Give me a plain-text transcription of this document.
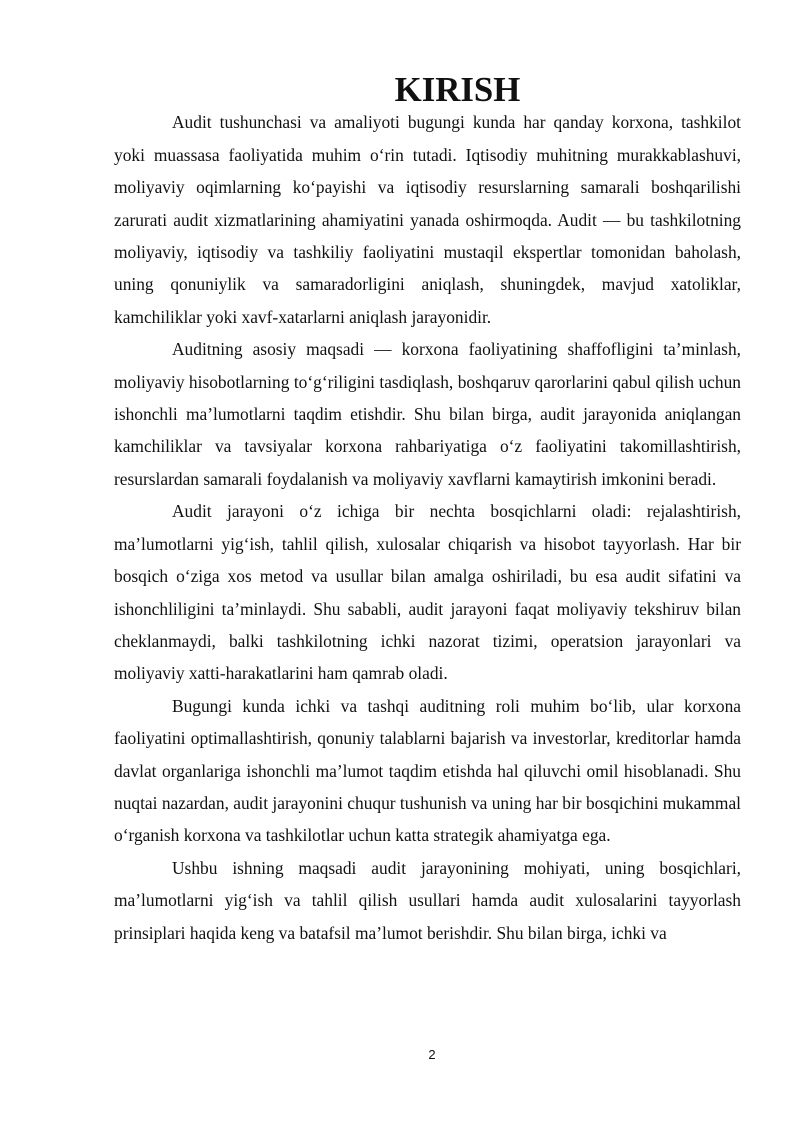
KIRISH

Audit tushunchasi va amaliyoti bugungi kunda har qanday korxona, tashkilot yoki muassasa faoliyatida muhim o‘rin tutadi. Iqtisodiy muhitning murakkablashuvi, moliyaviy oqimlarning ko‘payishi va iqtisodiy resurslarning samarali boshqarilishi zarurati audit xizmatlarining ahamiyatini yanada oshirmoqda. Audit — bu tashkilotning moliyaviy, iqtisodiy va tashkiliy faoliyatini mustaqil ekspertlar tomonidan baholash, uning qonuniylik va samaradorligini aniqlash, shuningdek, mavjud xatoliklar, kamchiliklar yoki xavf-xatarlarni aniqlash jarayonidir.

Auditning asosiy maqsadi — korxona faoliyatining shaffofligini ta’minlash, moliyaviy hisobotlarning to‘g‘riligini tasdiqlash, boshqaruv qarorlarini qabul qilish uchun ishonchli ma’lumotlarni taqdim etishdir. Shu bilan birga, audit jarayonida aniqlangan kamchiliklar va tavsiyalar korxona rahbariyatiga o‘z faoliyatini takomillashtirish, resurslardan samarali foydalanish va moliyaviy xavflarni kamaytirish imkonini beradi.

Audit jarayoni o‘z ichiga bir nechta bosqichlarni oladi: rejalashtirish, ma’lumotlarni yig‘ish, tahlil qilish, xulosalar chiqarish va hisobot tayyorlash. Har bir bosqich o‘ziga xos metod va usullar bilan amalga oshiriladi, bu esa audit sifatini va ishonchliligini ta’minlaydi. Shu sababli, audit jarayoni faqat moliyaviy tekshiruv bilan cheklanmaydi, balki tashkilotning ichki nazorat tizimi, operatsion jarayonlari va moliyaviy xatti-harakatlarini ham qamrab oladi.

Bugungi kunda ichki va tashqi auditning roli muhim bo‘lib, ular korxona faoliyatini optimallashtirish, qonuniy talablarni bajarish va investorlar, kreditorlar hamda davlat organlariga ishonchli ma’lumot taqdim etishda hal qiluvchi omil hisoblanadi. Shu nuqtai nazardan, audit jarayonini chuqur tushunish va uning har bir bosqichini mukammal o‘rganish korxona va tashkilotlar uchun katta strategik ahamiyatga ega.

Ushbu ishning maqsadi audit jarayonining mohiyati, uning bosqichlari, ma’lumotlarni yig‘ish va tahlil qilish usullari hamda audit xulosalarini tayyorlash prinsiplari haqida keng va batafsil ma’lumot berishdir. Shu bilan birga, ichki va

2
